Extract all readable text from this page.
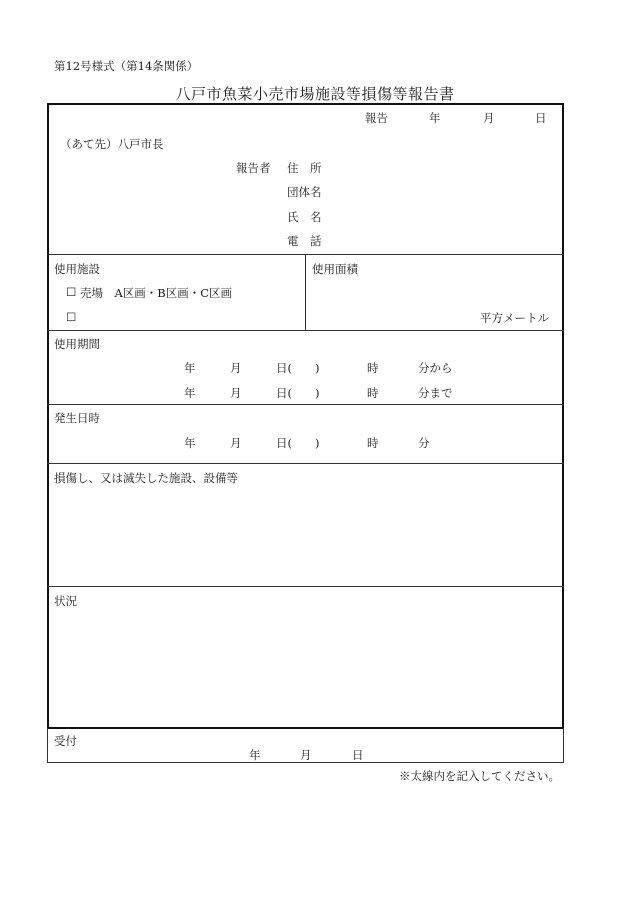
第12号様式（第14条関係）
八戸市魚菜小売市場施設等損傷等報告書
報告	年	月	日
（あて先）八戸市長
報告者 住　所
団体名
氏　名
電　話
使用施設
☐ 売場　A区画・B区画・C区画
☐
使用面積
平方メートル
使用期間
年	月	日(　　)	時	分から
年	月	日(　　)	時	分まで
発生日時
年	月	日(　　)	時	分
損傷し、又は滅失した施設、設備等
状況
受付
年	月	日
※太線内を記入してください。
